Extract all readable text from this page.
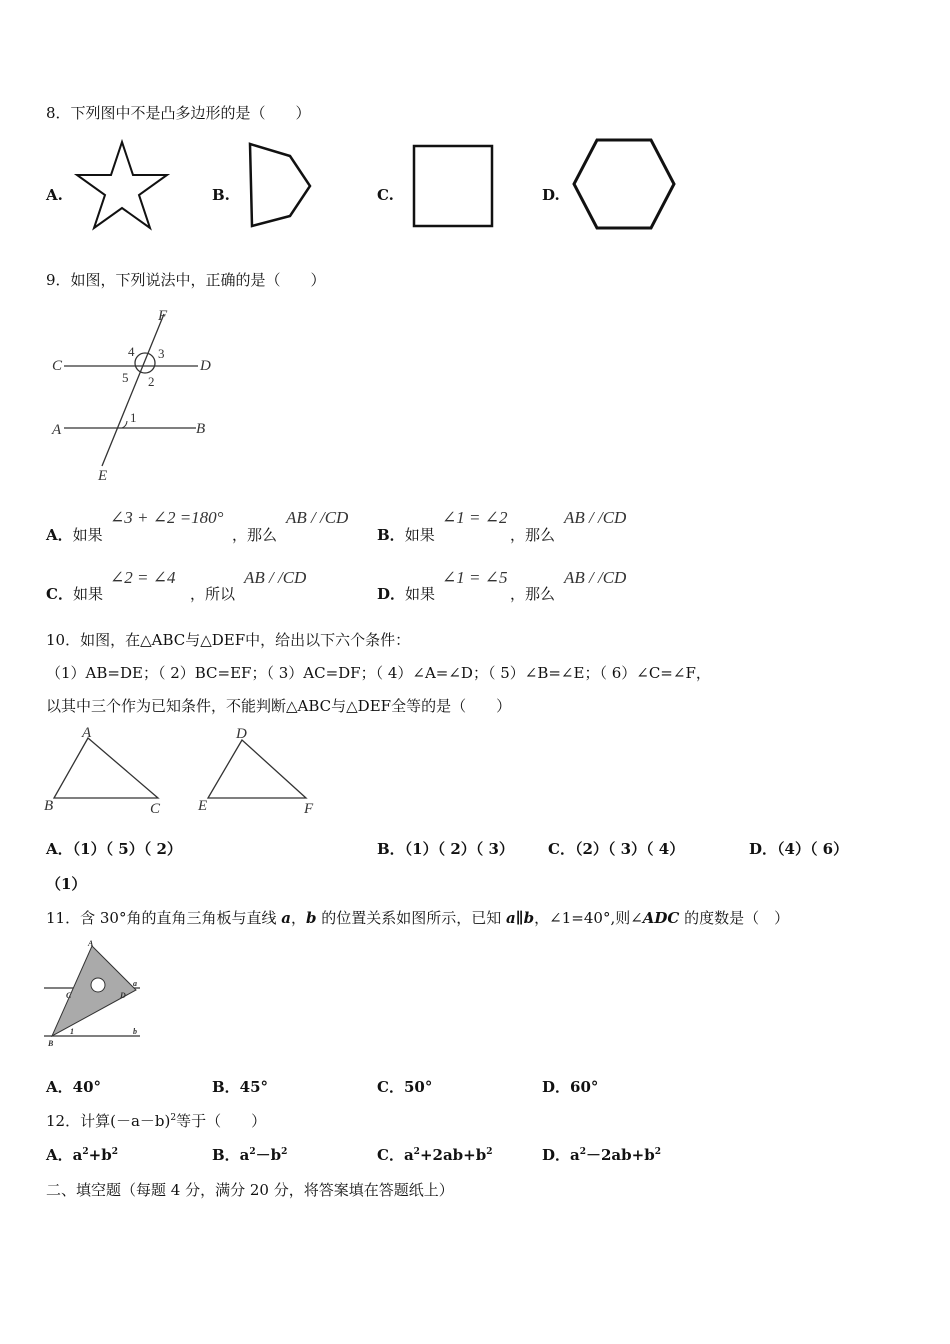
8．下列图中不是凸多边形的是（　　）
A.	B.	C.	D.
9．如图，下列说法中，正确的是（　　）
F
C	D
A	B
E
4 3
5 2
1
A．如果
∠3 + ∠2 =180°
，那么
AB / /CD
B．如果
∠1 = ∠2
，那么
AB / /CD
C．如果
∠2 = ∠4
，所以
AB / /CD
D．如果
∠1 = ∠5
，那么
AB / /CD
10．如图，在△ABC与△DEF中，给出以下六个条件：
（1）AB=DE；（ 2）BC=EF；（ 3）AC=DF；（ 4）∠A=∠D；（ 5）∠B=∠E；（ 6）∠C=∠F，
以其中三个作为已知条件，不能判断△ABC与△DEF全等的是（　　）
A
B	C
D
E	F
A．（1）（ 5）（ 2）	B．（1）（ 2）（ 3） C．（2）（ 3）（ 4）	D．（4）（ 6）
（1）
11．含 30°角的直角三角板与直线 a，b 的位置关系如图所示，已知 a∥b，∠1=40°,则∠ADC 的度数是（　）
A
C	D
a
B
b
1
A．40°	B．45°	C．50°	D．60°
12．计算$(-a-b)^2$等于（　　）
A．$a^2+b^2$	B．$a^2-b^2$	C．$a^2+2ab+b^2$	D．$a^2-2ab+b^2$
二、填空题（每题 4 分，满分 20 分，将答案填在答题纸上）
